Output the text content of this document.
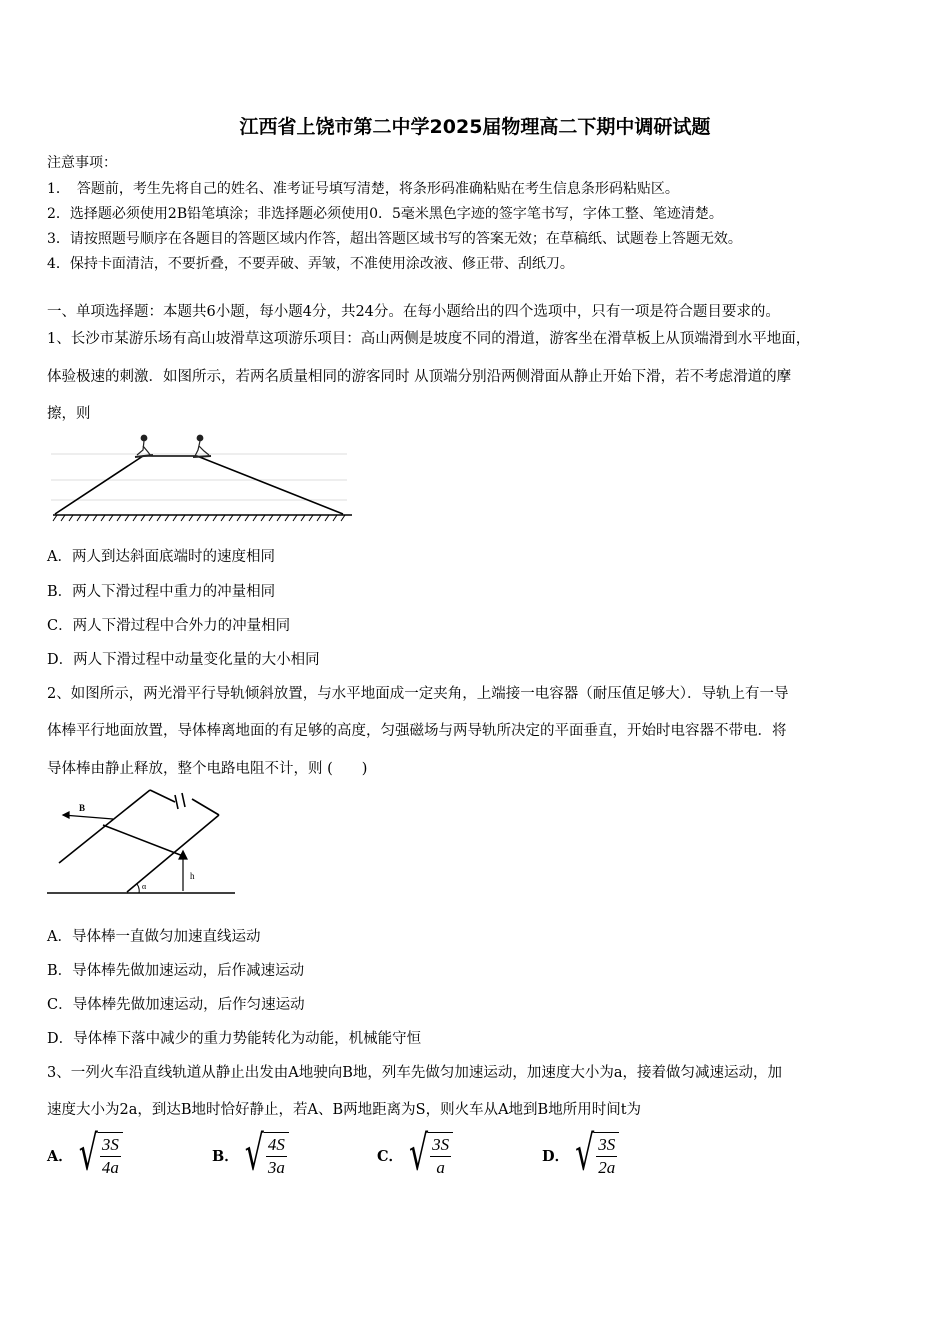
江西省上饶市第二中学2025届物理高二下期中调研试题
注意事项：
1．　答题前，考生先将自己的姓名、准考证号填写清楚，将条形码准确粘贴在考生信息条形码粘贴区。
2．选择题必须使用2B铅笔填涂；非选择题必须使用0．5毫米黑色字迹的签字笔书写，字体工整、笔迹清楚。
3．请按照题号顺序在各题目的答题区域内作答，超出答题区域书写的答案无效；在草稿纸、试题卷上答题无效。
4．保持卡面清洁，不要折叠，不要弄破、弄皱，不准使用涂改液、修正带、刮纸刀。
一、单项选择题：本题共6小题，每小题4分，共24分。在每小题给出的四个选项中，只有一项是符合题目要求的。
1、长沙市某游乐场有高山坡滑草这项游乐项目：高山两侧是坡度不同的滑道，游客坐在滑草板上从顶端滑到水平地面，
体验极速的刺激．如图所示，若两名质量相同的游客同时 从顶端分别沿两侧滑面从静止开始下滑，若不考虑滑道的摩
擦，则
A．两人到达斜面底端时的速度相同
B．两人下滑过程中重力的冲量相同
C．两人下滑过程中合外力的冲量相同
D．两人下滑过程中动量变化量的大小相同
2、如图所示，两光滑平行导轨倾斜放置，与水平地面成一定夹角，上端接一电容器（耐压值足够大）．导轨上有一导
体棒平行地面放置，导体棒离地面的有足够的高度，匀强磁场与两导轨所决定的平面垂直，开始时电容器不带电．将
导体棒由静止释放，整个电路电阻不计，则 (　　)
B
h
α
A．导体棒一直做匀加速直线运动
B．导体棒先做加速运动，后作减速运动
C．导体棒先做加速运动，后作匀速运动
D．导体棒下落中减少的重力势能转化为动能，机械能守恒
3、一列火车沿直线轨道从静止出发由A地驶向B地，列车先做匀加速运动，加速度大小为a，接着做匀减速运动，加
速度大小为2a，到达B地时恰好静止，若A、B两地距离为S，则火车从A地到B地所用时间t为
A． √ $\frac{3S}{4a}$	B． √ $\frac{4S}{3a}$	C． √ $\frac{3S}{a}$	D． √ $\frac{3S}{2a}$
